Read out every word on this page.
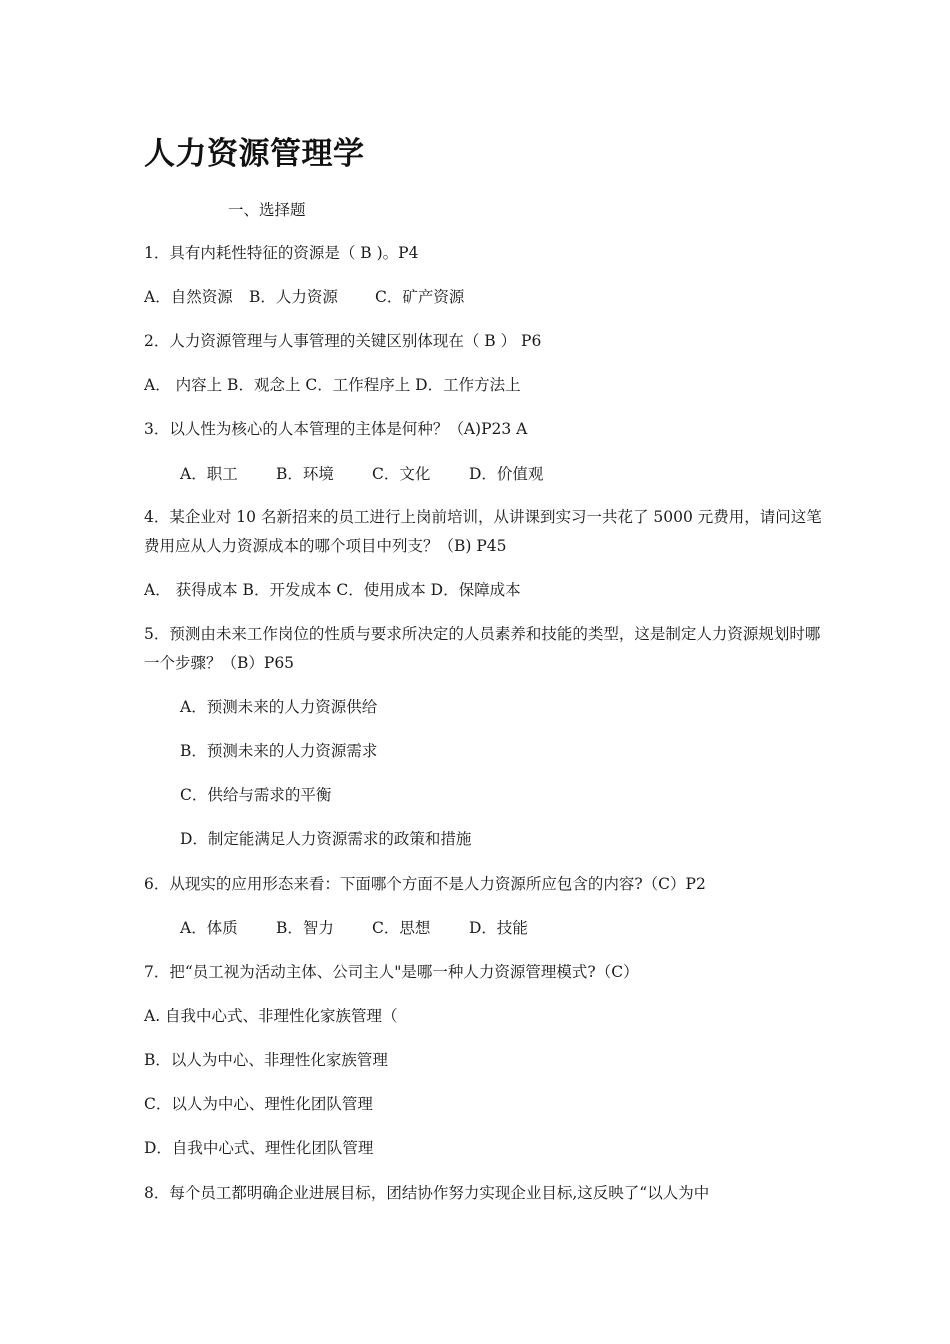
人力资源管理学
一、选择题
1．具有内耗性特征的资源是（ B )。P4
A．自然资源 B．人力资源 C．矿产资源
2．人力资源管理与人事管理的关键区别体现在（ B ） P6
A． 内容上 B．观念上 C．工作程序上 D．工作方法上
3．以人性为核心的人本管理的主体是何种？（A)P23 A
A．职工 B．环境 C．文化 D．价值观
4．某企业对 10 名新招来的员工进行上岗前培训，从讲课到实习一共花了 5000 元费用，请问这笔费用应从人力资源成本的哪个项目中列支？（B) P45
A． 获得成本 B．开发成本 C．使用成本 D．保障成本
5．预测由未来工作岗位的性质与要求所决定的人员素养和技能的类型，这是制定人力资源规划时哪一个步骤？（B）P65
A．预测未来的人力资源供给
B．预测未来的人力资源需求
C．供给与需求的平衡
D．制定能满足人力资源需求的政策和措施
6．从现实的应用形态来看：下面哪个方面不是人力资源所应包含的内容?（C）P2
A．体质 B．智力 C．思想 D．技能
7．把“员工视为活动主体、公司主人"是哪一种人力资源管理模式?（C）
A. 自我中心式、非理性化家族管理（
B．以人为中心、非理性化家族管理
C．以人为中心、理性化团队管理
D．自我中心式、理性化团队管理
8．每个员工都明确企业进展目标，团结协作努力实现企业目标,这反映了“以人为中
